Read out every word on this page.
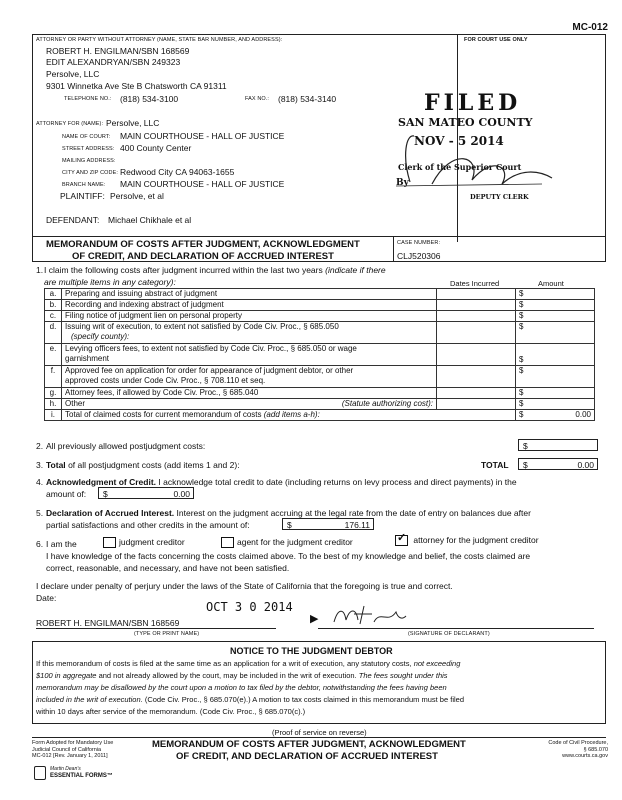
MC-012
ATTORNEY OR PARTY WITHOUT ATTORNEY (NAME, STATE BAR NUMBER, AND ADDRESS):	FOR COURT USE ONLY
ROBERT H. ENGILMAN/SBN 168569
EDIT ALEXANDRYAN/SBN 249323
Persolve, LLC
9301 Winnetka Ave Ste B Chatsworth CA 91311
TELEPHONE NO.: (818) 534-3100	FAX NO.: (818) 534-3140
ATTORNEY FOR (NAME): Persolve, LLC
NAME OF COURT: MAIN COURTHOUSE - HALL OF JUSTICE
STREET ADDRESS: 400 County Center
MAILING ADDRESS:
CITY AND ZIP CODE: Redwood City CA 94063-1655
BRANCH NAME: MAIN COURTHOUSE - HALL OF JUSTICE
PLAINTIFF: Persolve, et al
DEFENDANT: Michael Chikhale et al
FILED
SAN MATEO COUNTY
NOV - 5 2014
Clerk of the Superior Court
By
DEPUTY CLERK
MEMORANDUM OF COSTS AFTER JUDGMENT, ACKNOWLEDGMENT
OF CREDIT, AND DECLARATION OF ACCRUED INTEREST
CASE NUMBER:
CLJ520306
1. I claim the following costs after judgment incurred within the last two years (indicate if there
are multiple items in any category):	Dates Incurred	Amount
a.	Preparing and issuing abstract of judgment		$
b.	Recording and indexing abstract of judgment		$
c.	Filing notice of judgment lien on personal property		$
d.	Issuing writ of execution, to extent not satisfied by Code Civ. Proc., § 685.050
(specify county):		$
e.	Levying officers fees, to extent not satisfied by Code Civ. Proc., § 685.050 or wage
garnishment		$
f.	Approved fee on application for order for appearance of judgment debtor, or other
approved costs under Code Civ. Proc., § 708.110 et seq.		$
g.	Attorney fees, if allowed by Code Civ. Proc., § 685.040		$
h.	Other (Statute authorizing cost):		$
i.	Total of claimed costs for current memorandum of costs (add items a-h):		$ 0.00
2. All previously allowed postjudgment costs:	$
3. Total of all postjudgment costs (add items 1 and 2):	TOTAL $	0.00
4. Acknowledgment of Credit. I acknowledge total credit to date (including returns on levy process and direct payments) in the
amount of: $	0.00
5. Declaration of Accrued Interest. Interest on the judgment accruing at the legal rate from the date of entry on balances due after
partial satisfactions and other credits in the amount of:	$	176.11
6. I am the	judgment creditor	agent for the judgment creditor	✓ attorney for the judgment creditor
I have knowledge of the facts concerning the costs claimed above. To the best of my knowledge and belief, the costs claimed are
correct, reasonable, and necessary, and have not been satisfied.
I declare under penalty of perjury under the laws of the State of California that the foregoing is true and correct.
Date:
OCT 3 0 2014
ROBERT H. ENGILMAN/SBN 168569
(TYPE OR PRINT NAME)
▶
(SIGNATURE OF DECLARANT)
NOTICE TO THE JUDGMENT DEBTOR
If this memorandum of costs is filed at the same time as an application for a writ of execution, any statutory costs, not exceeding
$100 in aggregate and not already allowed by the court, may be included in the writ of execution. The fees sought under this
memorandum may be disallowed by the court upon a motion to tax filed by the debtor, notwithstanding the fees having been
included in the writ of execution. (Code Civ. Proc., § 685.070(e).) A motion to tax costs claimed in this memorandum must be filed
within 10 days after service of the memorandum. (Code Civ. Proc., § 685.070(c).)
(Proof of service on reverse)
Form Adopted for Mandatory Use
Judicial Council of California
MC-012 [Rev. January 1, 2011]
MEMORANDUM OF COSTS AFTER JUDGMENT, ACKNOWLEDGMENT
OF CREDIT, AND DECLARATION OF ACCRUED INTEREST
Code of Civil Procedure,
§ 685.070
www.courts.ca.gov
Martin Dean's
ESSENTIAL FORMS™
